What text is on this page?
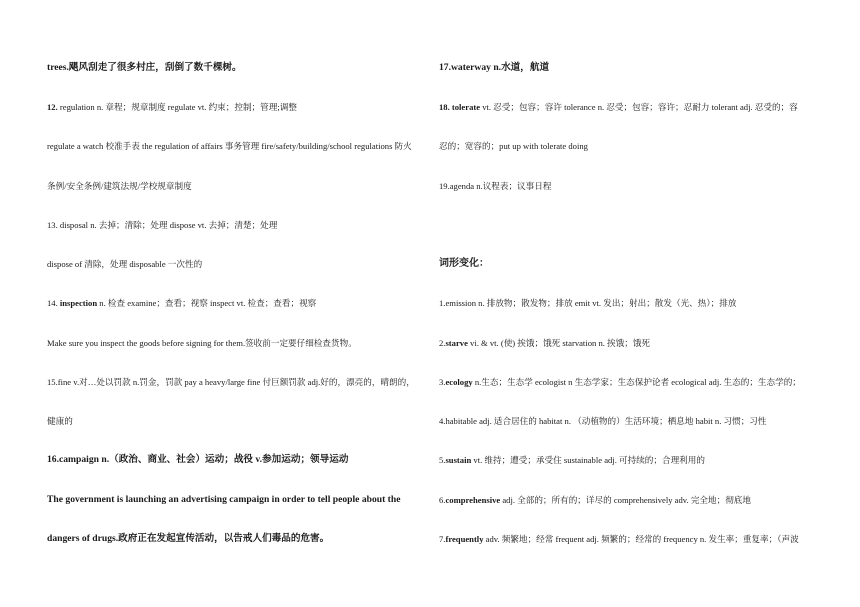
trees.飓风刮走了很多村庄，刮倒了数千棵树。
12. regulation n. 章程；规章制度 regulate vt. 约束；控制；管理;调整
regulate a watch 校准手表 the regulation of affairs 事务管理 fire/safety/building/school regulations 防火
条例/安全条例/建筑法规/学校规章制度
13. disposal n. 去掉；清除；处理 dispose vt. 去掉；清楚；处理
dispose of 清除，处理 disposable 一次性的
14. inspection n. 检查 examine；查看；视察 inspect vt. 检查；查看；视察
Make sure you inspect the goods before signing for them.签收前一定要仔细检查货物。
15.fine v.对…处以罚款 n.罚金，罚款 pay a heavy/large fine 付巨额罚款 adj.好的，漂亮的，晴朗的，
健康的
16.campaign n.（政治、商业、社会）运动；战役 v.参加运动；领导运动
The government is launching an advertising campaign in order to tell people about the
dangers of drugs.政府正在发起宣传活动，以告戒人们毒品的危害。
17.waterway n.水道，航道
18. tolerate vt. 忍受；包容；容许 tolerance n. 忍受；包容；容许；忍耐力 tolerant adj. 忍受的；容
忍的；宽容的；put up with tolerate doing
19.agenda n.议程表；议事日程
词形变化：
1.emission n. 排放物；散发物；排放 emit vt. 发出；射出；散发（光、热）；排放
2.starve vi. & vt. (使) 挨饿；饿死 starvation n. 挨饿；饿死
3.ecology n.生态；生态学 ecologist n 生态学家；生态保护论者 ecological adj. 生态的；生态学的；
4.habitable adj. 适合居住的 habitat n. （动植物的）生活环境；栖息地 habit n. 习惯；习性
5.sustain vt. 维持；遭受；承受住 sustainable adj. 可持续的；合理利用的
6.comprehensive adj. 全部的；所有的；详尽的 comprehensively adv. 完全地；彻底地
7.frequently adv. 频繁地；经常 frequent adj. 频繁的；经常的 frequency n. 发生率；重复率；（声波
